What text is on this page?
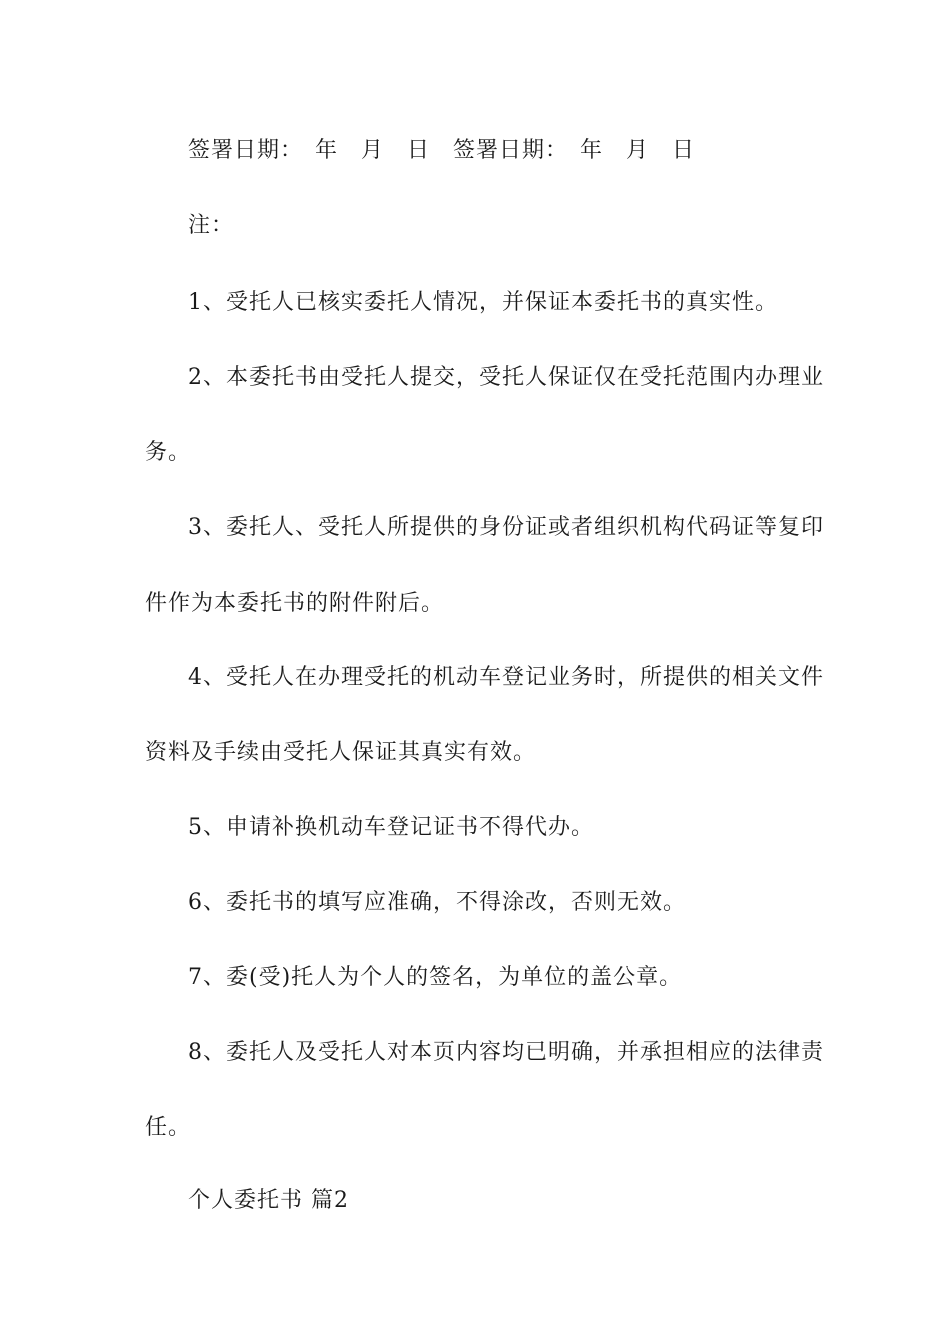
签署日期：　年　月　日　签署日期：　年　月　日
注：
1、受托人已核实委托人情况，并保证本委托书的真实性。
2、本委托书由受托人提交，受托人保证仅在受托范围内办理业
务。
3、委托人、受托人所提供的身份证或者组织机构代码证等复印
件作为本委托书的附件附后。
4、受托人在办理受托的机动车登记业务时，所提供的相关文件
资料及手续由受托人保证其真实有效。
5、申请补换机动车登记证书不得代办。
6、委托书的填写应准确，不得涂改，否则无效。
7、委(受)托人为个人的签名，为单位的盖公章。
8、委托人及受托人对本页内容均已明确，并承担相应的法律责
任。
个人委托书 篇2
